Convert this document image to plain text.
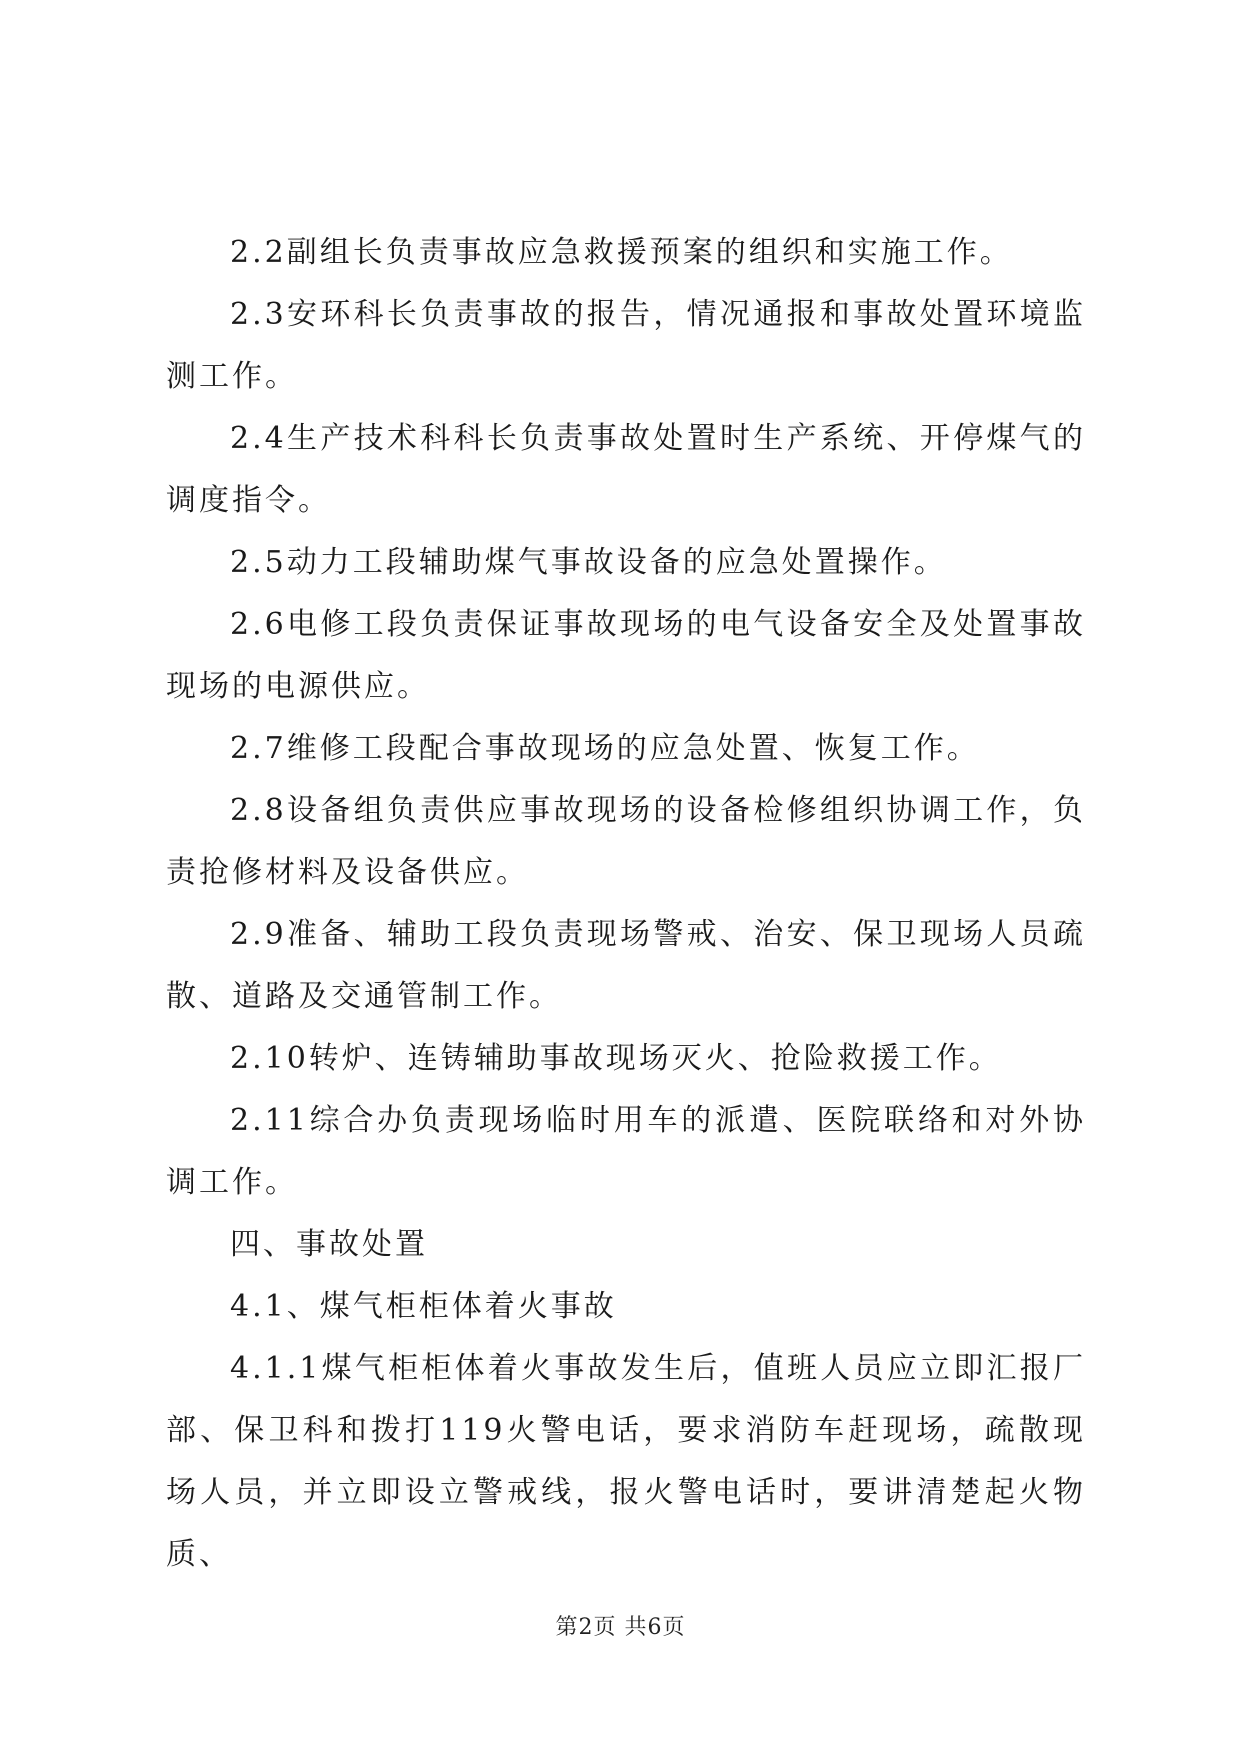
2.2副组长负责事故应急救援预案的组织和实施工作。

2.3安环科长负责事故的报告，情况通报和事故处置环境监测工作。

2.4生产技术科科长负责事故处置时生产系统、开停煤气的调度指令。

2.5动力工段辅助煤气事故设备的应急处置操作。

2.6电修工段负责保证事故现场的电气设备安全及处置事故现场的电源供应。

2.7维修工段配合事故现场的应急处置、恢复工作。

2.8设备组负责供应事故现场的设备检修组织协调工作，负责抢修材料及设备供应。

2.9准备、辅助工段负责现场警戒、治安、保卫现场人员疏散、道路及交通管制工作。

2.10转炉、连铸辅助事故现场灭火、抢险救援工作。

2.11综合办负责现场临时用车的派遣、医院联络和对外协调工作。

四、事故处置

4.1、煤气柜柜体着火事故

4.1.1煤气柜柜体着火事故发生后，值班人员应立即汇报厂部、保卫科和拨打119火警电话，要求消防车赶现场，疏散现场人员，并立即设立警戒线，报火警电话时，要讲清楚起火物质、

第2页 共6页
